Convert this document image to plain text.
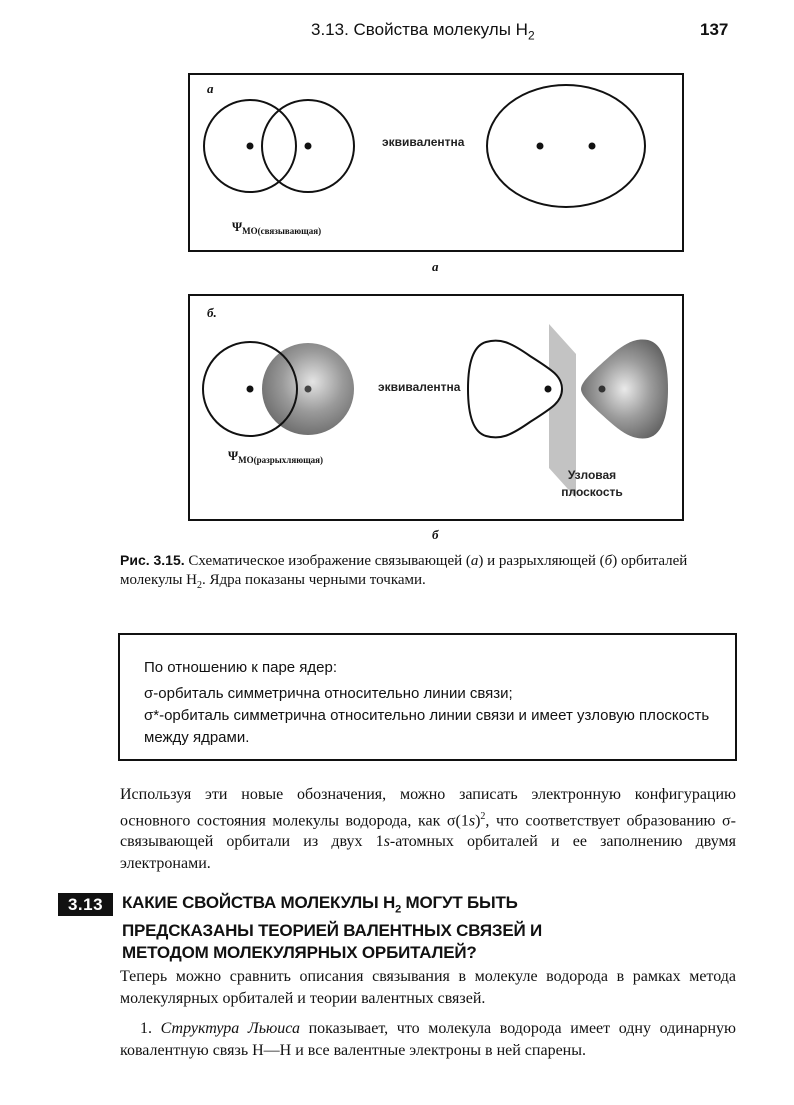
3.13. Свойства молекулы $H_2$	137
a
эквивалентна
$\Psi_{MO(связывающая)}$
a
б.
эквивалентна
$\Psi_{MO(разрыхляющая)}$
Узловая
плоскость
б
Рис. 3.15. Схематическое изображение связывающей (а) и разрыхляющей (б) орбиталей молекулы $H_2$. Ядра показаны черными точками.

По отношению к паре ядер:

σ-орбиталь симметрична относительно линии связи;

σ*-орбиталь симметрична относительно линии связи и имеет узловую плоскость между ядрами.

Используя эти новые обозначения, можно записать электронную конфигурацию основного состояния молекулы водорода, как $\sigma(1s)^2$, что соответствует образованию σ-связывающей орбитали из двух 1s-атомных орбиталей и ее заполнению двумя электронами.
3.13	КАКИЕ СВОЙСТВА МОЛЕКУЛЫ $H_2$ МОГУТ БЫТЬ ПРЕДСКАЗАНЫ ТЕОРИЕЙ ВАЛЕНТНЫХ СВЯЗЕЙ И МЕТОДОМ МОЛЕКУЛЯРНЫХ ОРБИТАЛЕЙ?
Теперь можно сравнить описания связывания в молекуле водорода в рамках метода молекулярных орбиталей и теории валентных связей.
1. Структура Льюиса показывает, что молекула водорода имеет одну одинарную ковалентную связь H—H и все валентные электроны в ней спарены.
